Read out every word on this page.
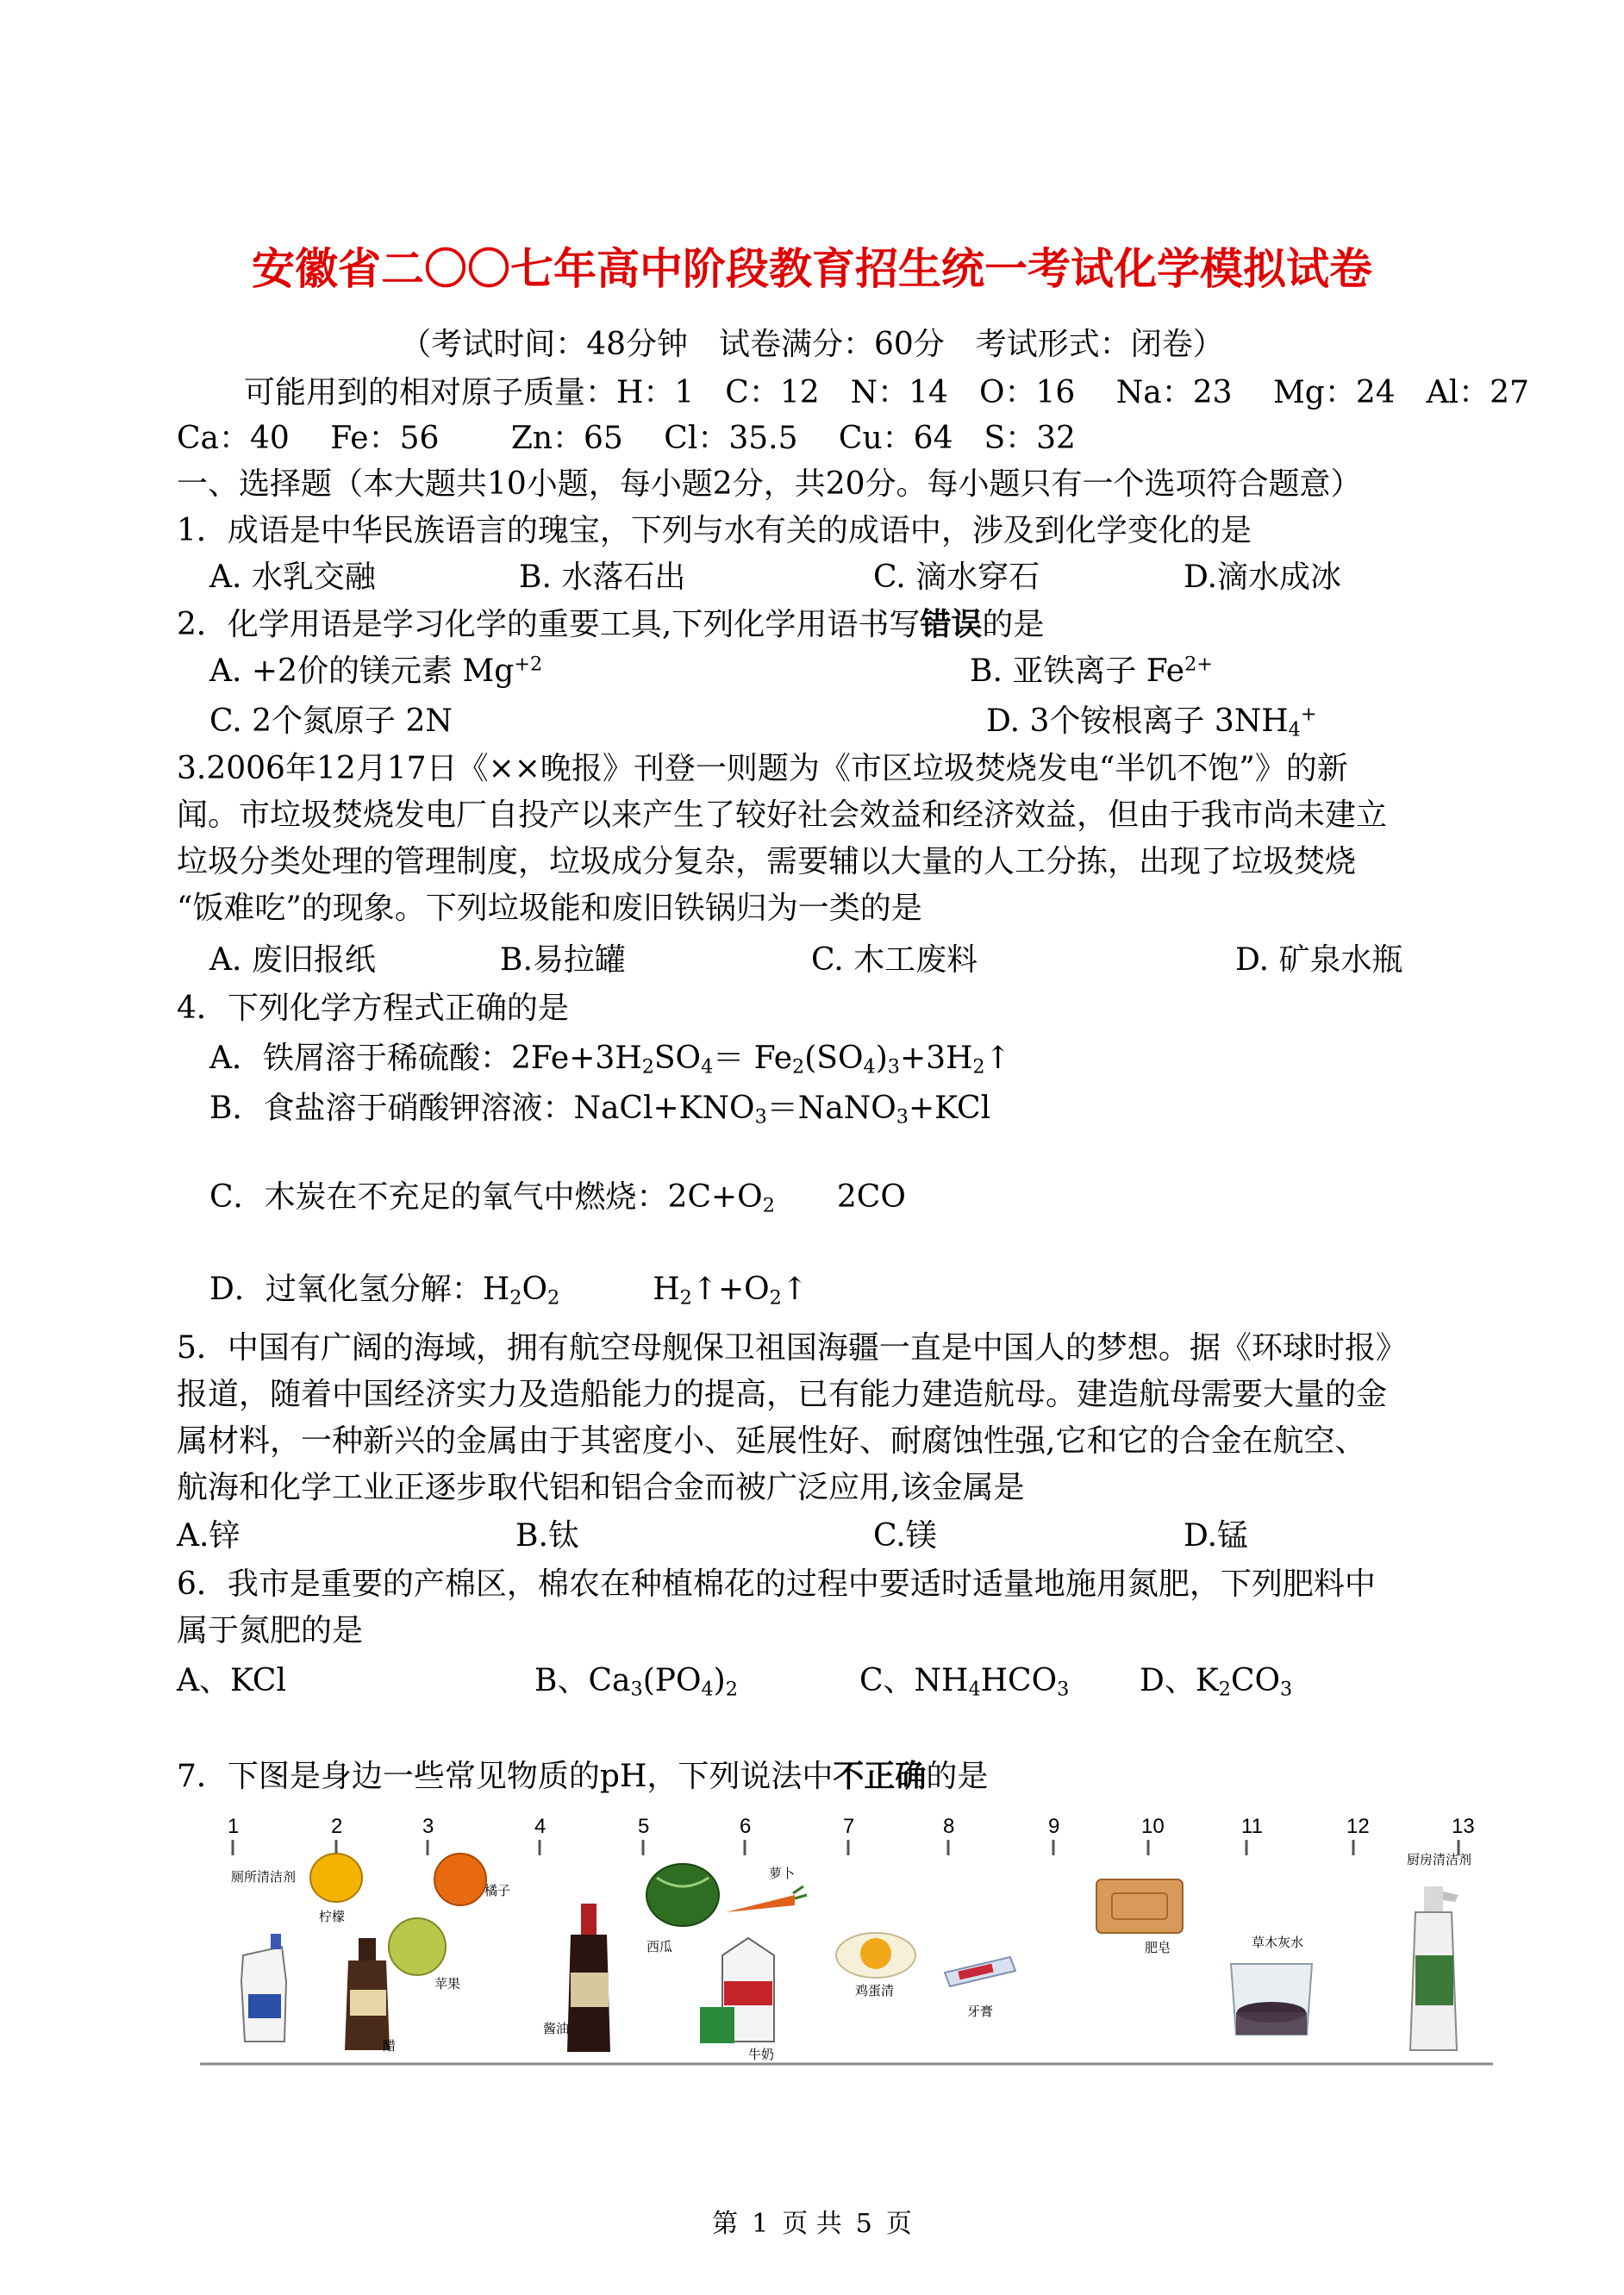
安徽省二〇〇七年高中阶段教育招生统一考试化学模拟试卷
（考试时间：48分钟　试卷满分：60分　考试形式：闭卷）
可能用到的相对原子质量：H：1　C：12　N：14　O：16　 Na：23　 Mg：24　Al：27
Ca：40　 Fe：56　　 Zn：65　 Cl：35.5　 Cu：64　S：32
一、选择题（本大题共10小题，每小题2分，共20分。每小题只有一个选项符合题意）
1．成语是中华民族语言的瑰宝，下列与水有关的成语中，涉及到化学变化的是
A. 水乳交融	B. 水落石出	C. 滴水穿石	D.滴水成冰
2．化学用语是学习化学的重要工具,下列化学用语书写错误的是
A. +2价的镁元素 $Mg^{+2}$	B. 亚铁离子 $Fe^{2+}$
C. 2个氮原子 2N	D. 3个铵根离子 $3NH_4^+$
3.2006年12月17日《××晚报》刊登一则题为《市区垃圾焚烧发电“半饥不饱”》的新
闻。市垃圾焚烧发电厂自投产以来产生了较好社会效益和经济效益，但由于我市尚未建立
垃圾分类处理的管理制度，垃圾成分复杂，需要辅以大量的人工分拣，出现了垃圾焚烧
“饭难吃”的现象。下列垃圾能和废旧铁锅归为一类的是
A. 废旧报纸	B.易拉罐	C. 木工废料	D. 矿泉水瓶
4．下列化学方程式正确的是
A．铁屑溶于稀硫酸：$2Fe+3H_2SO_4=$ $Fe_2(SO_4)_3+3H_2↑$
B．食盐溶于硝酸钾溶液：$NaCl+KNO_3=NaNO_3+KCl$
C．木炭在不充足的氧气中燃烧：$2C+O_2$　　 2CO
D．过氧化氢分解：$H_2O_2$　　　$H_2↑+O_2↑$
5．中国有广阔的海域，拥有航空母舰保卫祖国海疆一直是中国人的梦想。据《环球时报》
报道，随着中国经济实力及造船能力的提高，已有能力建造航母。建造航母需要大量的金
属材料，一种新兴的金属由于其密度小、延展性好、耐腐蚀性强,它和它的合金在航空、
航海和化学工业正逐步取代铝和铝合金而被广泛应用,该金属是
A.锌	B.钛	C.镁	D.锰
6．我市是重要的产棉区，棉农在种植棉花的过程中要适时适量地施用氮肥，下列肥料中
属于氮肥的是
A、KCl	B、$Ca_3(PO_4)_2$	C、$NH_4HCO_3$ D、$K_2CO_3$
7．下图是身边一些常见物质的pH，下列说法中不正确的是
1	2	3	4	5	6	7	8	9	10	11	12	13
厕所清洁剂
柠檬
醋
橘子
苹果
酱油
西瓜
萝卜
牛奶
鸡蛋清
牙膏
肥皂	草木灰水
厨房清洁剂
第 1 页 共 5 页
